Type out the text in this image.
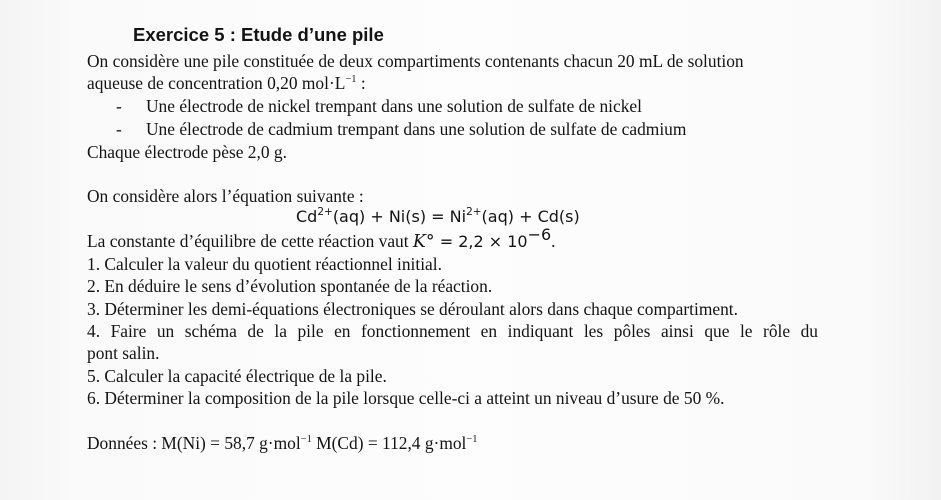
Exercice 5 : Etude d’une pile
On considère une pile constituée de deux compartiments contenants chacun 20 mL de solution
aqueuse de concentration 0,20 $mol\cdot L^{-1}$ :
- Une électrode de nickel trempant dans une solution de sulfate de nickel
- Une électrode de cadmium trempant dans une solution de sulfate de cadmium
Chaque électrode pèse 2,0 g.
On considère alors l’équation suivante :
$Cd^{2+}(aq) + Ni(s) = Ni^{2+}(aq) + Cd(s)$
La constante d’équilibre de cette réaction vaut $K^\circ = 2,2 \times 10^{-6}$.
1. Calculer la valeur du quotient réactionnel initial.
2. En déduire le sens d’évolution spontanée de la réaction.
3. Déterminer les demi-équations électroniques se déroulant alors dans chaque compartiment.
4. Faire un schéma de la pile en fonctionnement en indiquant les pôles ainsi que le rôle du
pont salin.
5. Calculer la capacité électrique de la pile.
6. Déterminer la composition de la pile lorsque celle-ci a atteint un niveau d’usure de 50 %.
Données : M(Ni) = 58,7 g·mol$^{-1}$ M(Cd) = 112,4 g·mol$^{-1}$
